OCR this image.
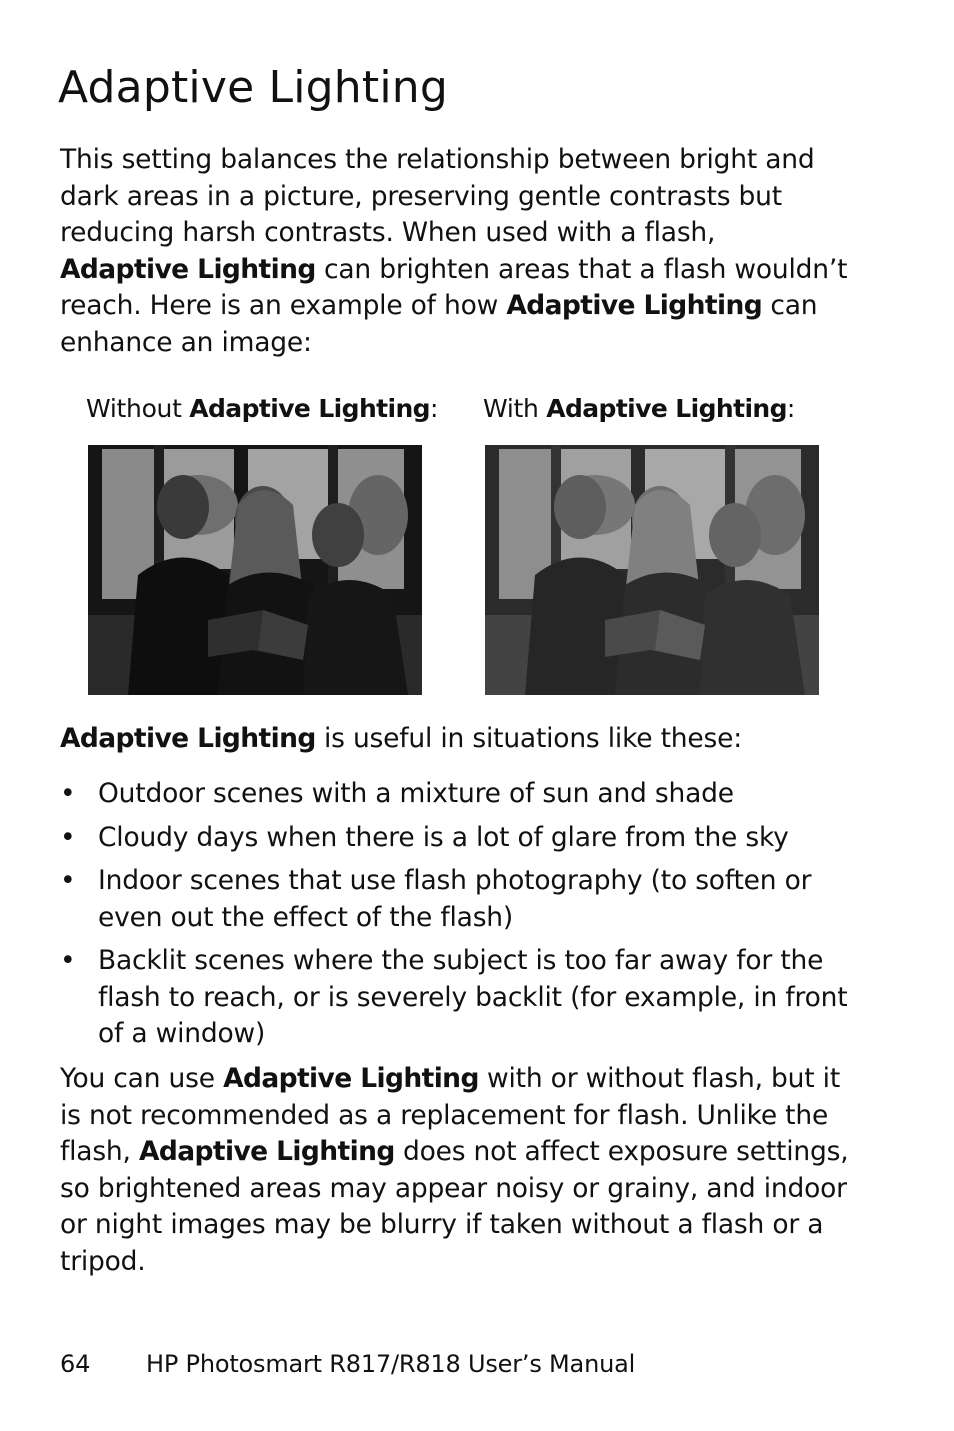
Adaptive Lighting

This setting balances the relationship between bright and dark areas in a picture, preserving gentle contrasts but reducing harsh contrasts. When used with a flash, Adaptive Lighting can brighten areas that a flash wouldn’t reach. Here is an example of how Adaptive Lighting can enhance an image:

Without Adaptive Lighting: With Adaptive Lighting:

Adaptive Lighting is useful in situations like these:

• Outdoor scenes with a mixture of sun and shade
• Cloudy days when there is a lot of glare from the sky
• Indoor scenes that use flash photography (to soften or even out the effect of the flash)
• Backlit scenes where the subject is too far away for the flash to reach, or is severely backlit (for example, in front of a window)

You can use Adaptive Lighting with or without flash, but it is not recommended as a replacement for flash. Unlike the flash, Adaptive Lighting does not affect exposure settings, so brightened areas may appear noisy or grainy, and indoor or night images may be blurry if taken without a flash or a tripod.

64 HP Photosmart R817/R818 User’s Manual
